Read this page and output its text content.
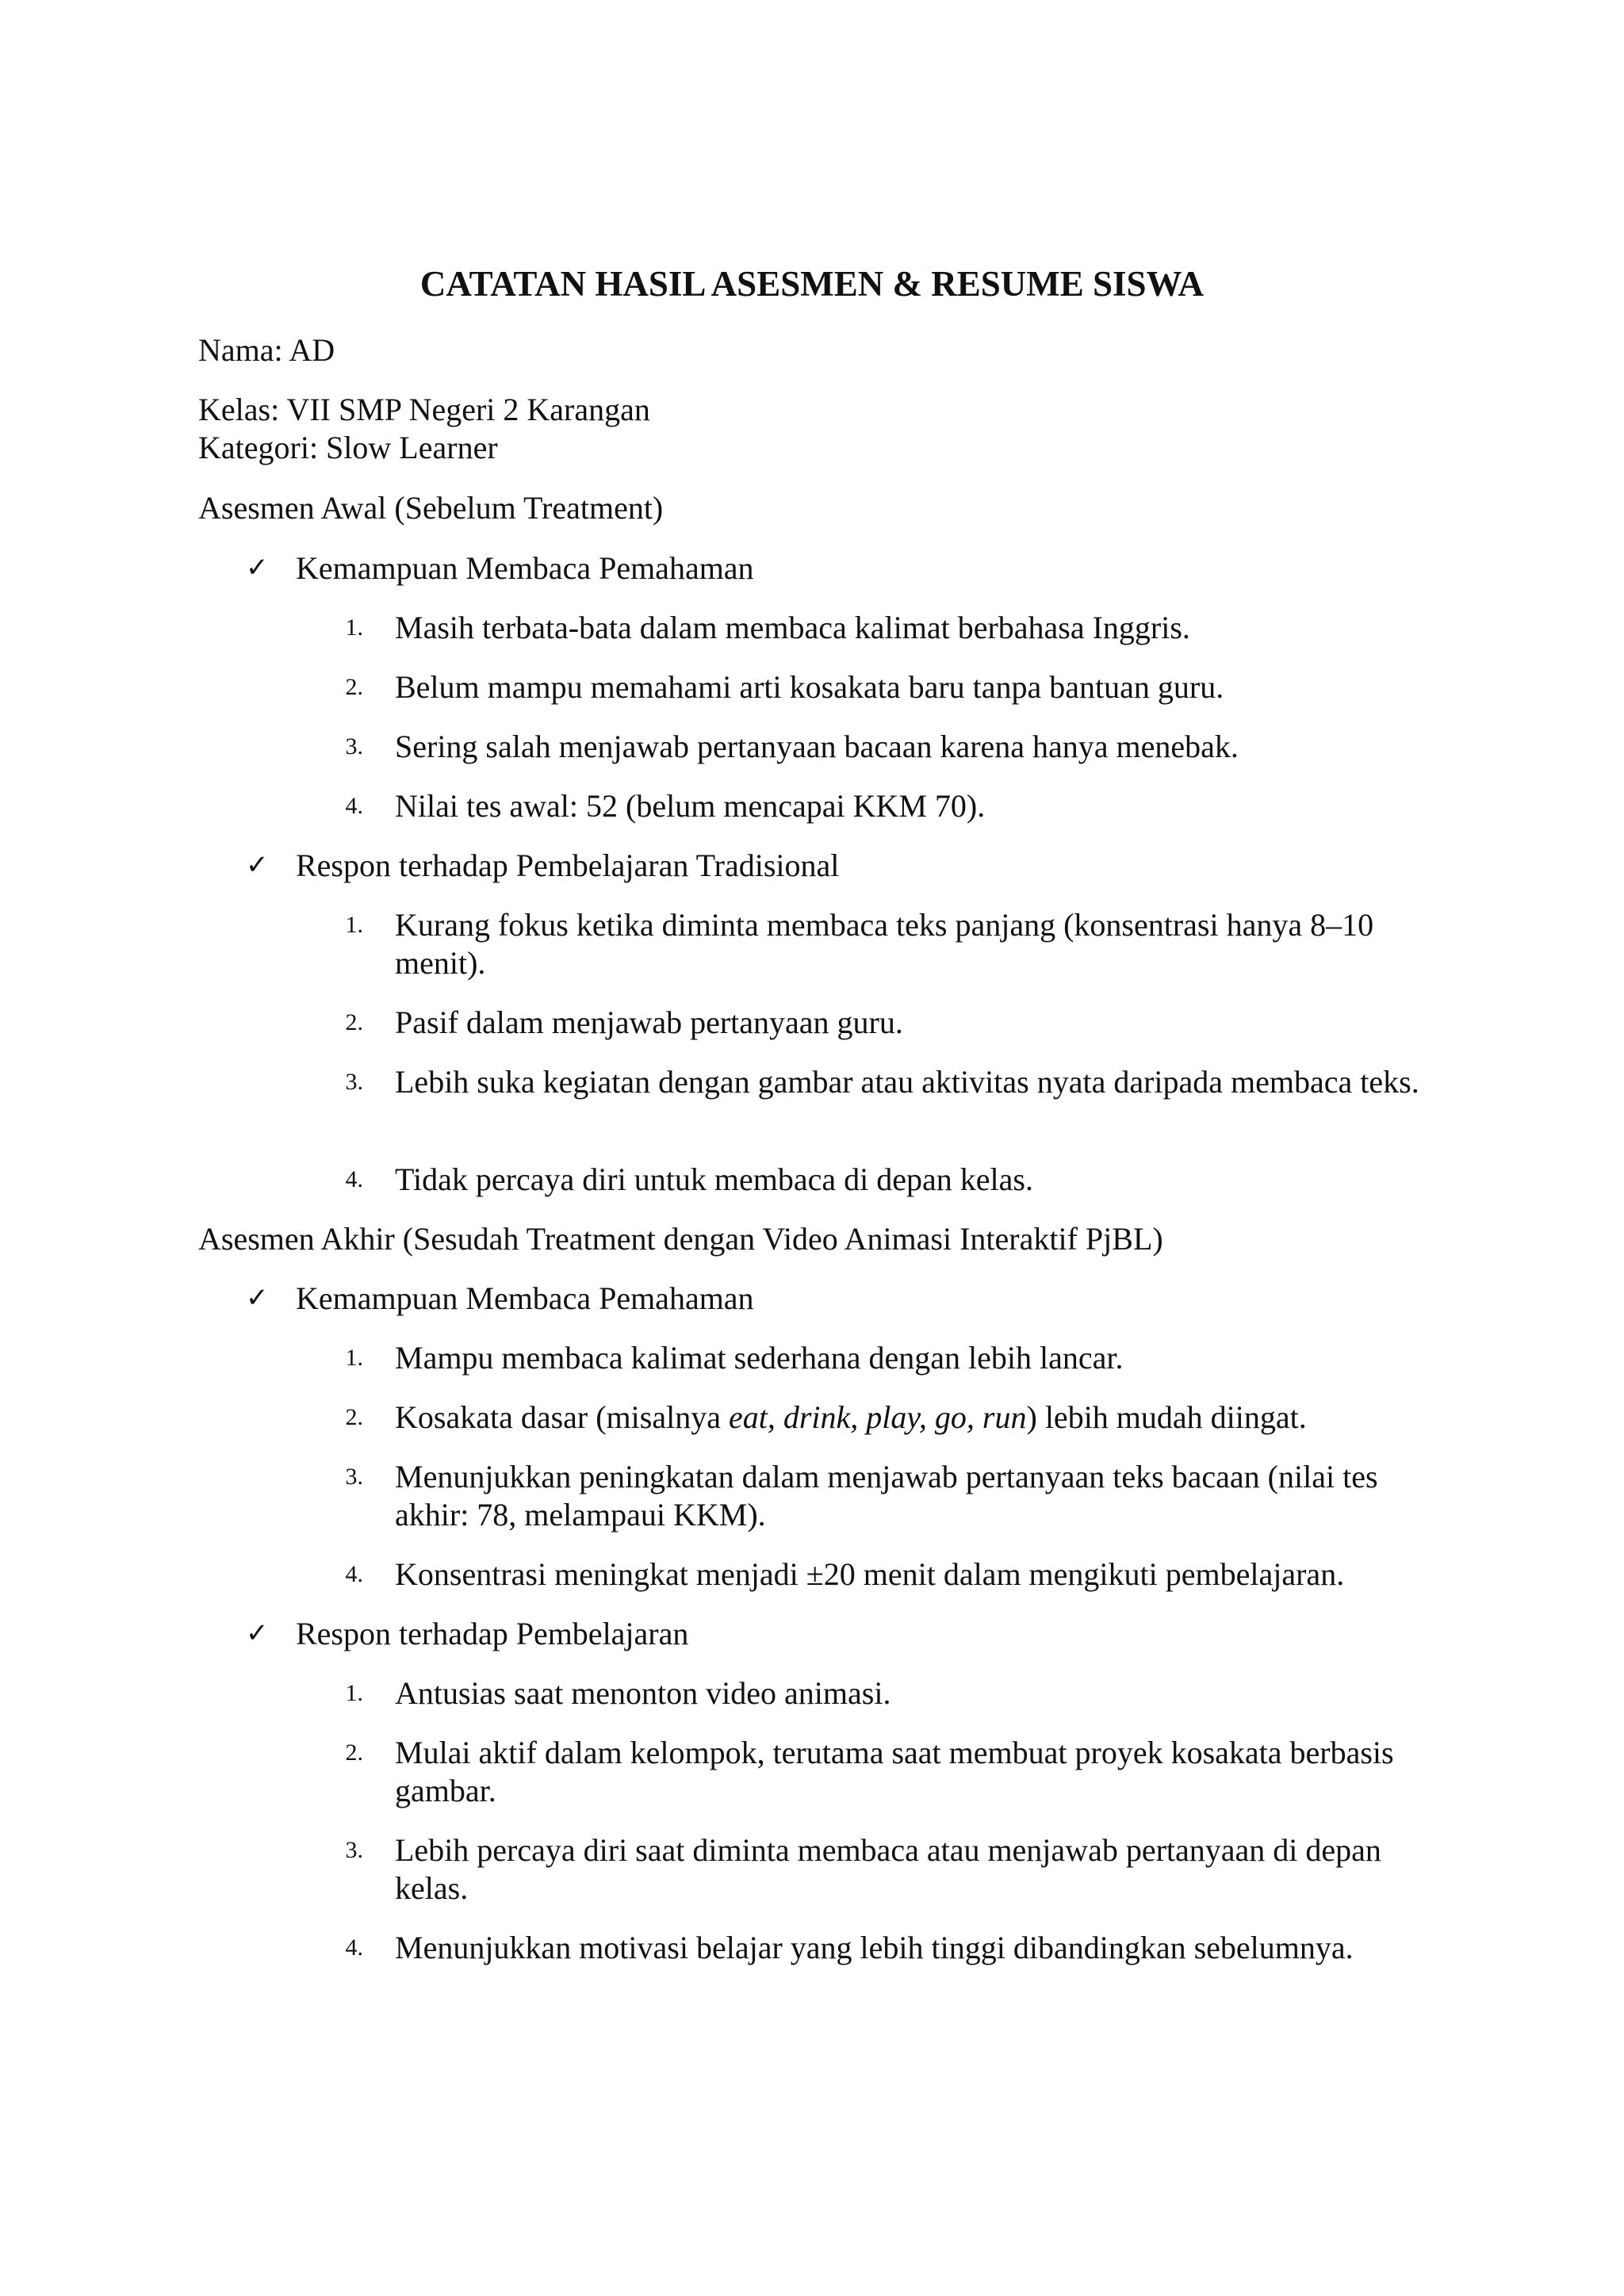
CATATAN HASIL ASESMEN & RESUME SISWA
Nama: AD
Kelas: VII SMP Negeri 2 Karangan
Kategori: Slow Learner
Asesmen Awal (Sebelum Treatment)
✓ Kemampuan Membaca Pemahaman
1. Masih terbata-bata dalam membaca kalimat berbahasa Inggris.
2. Belum mampu memahami arti kosakata baru tanpa bantuan guru.
3. Sering salah menjawab pertanyaan bacaan karena hanya menebak.
4. Nilai tes awal: 52 (belum mencapai KKM 70).
✓ Respon terhadap Pembelajaran Tradisional
1. Kurang fokus ketika diminta membaca teks panjang (konsentrasi hanya 8–10 menit).
2. Pasif dalam menjawab pertanyaan guru.
3. Lebih suka kegiatan dengan gambar atau aktivitas nyata daripada membaca teks.
4. Tidak percaya diri untuk membaca di depan kelas.
Asesmen Akhir (Sesudah Treatment dengan Video Animasi Interaktif PjBL)
✓ Kemampuan Membaca Pemahaman
1. Mampu membaca kalimat sederhana dengan lebih lancar.
2. Kosakata dasar (misalnya eat, drink, play, go, run) lebih mudah diingat.
3. Menunjukkan peningkatan dalam menjawab pertanyaan teks bacaan (nilai tes akhir: 78, melampaui KKM).
4. Konsentrasi meningkat menjadi ±20 menit dalam mengikuti pembelajaran.
✓ Respon terhadap Pembelajaran
1. Antusias saat menonton video animasi.
2. Mulai aktif dalam kelompok, terutama saat membuat proyek kosakata berbasis gambar.
3. Lebih percaya diri saat diminta membaca atau menjawab pertanyaan di depan kelas.
4. Menunjukkan motivasi belajar yang lebih tinggi dibandingkan sebelumnya.
